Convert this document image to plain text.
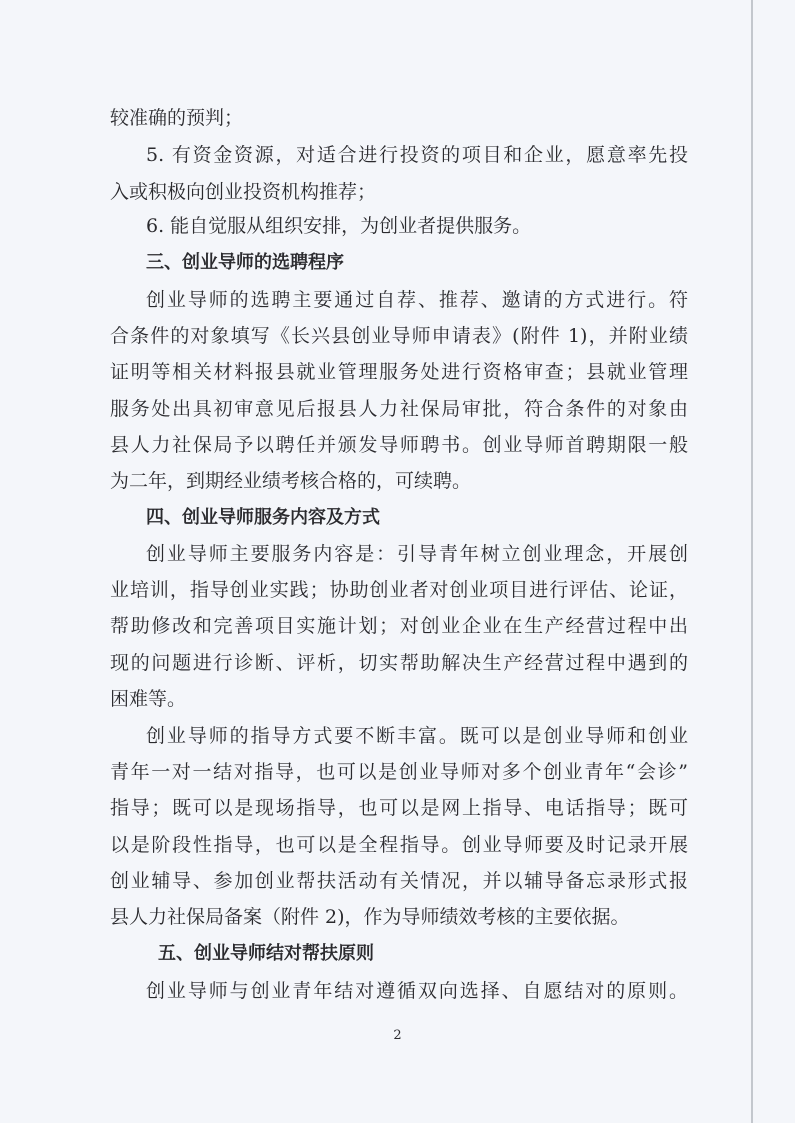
较准确的预判；
5. 有资金资源，对适合进行投资的项目和企业，愿意率先投
入或积极向创业投资机构推荐；
6. 能自觉服从组织安排，为创业者提供服务。
三、创业导师的选聘程序
创业导师的选聘主要通过自荐、推荐、邀请的方式进行。符
合条件的对象填写《长兴县创业导师申请表》(附件 1)，并附业绩
证明等相关材料报县就业管理服务处进行资格审查；县就业管理
服务处出具初审意见后报县人力社保局审批，符合条件的对象由
县人力社保局予以聘任并颁发导师聘书。创业导师首聘期限一般
为二年，到期经业绩考核合格的，可续聘。
四、创业导师服务内容及方式
创业导师主要服务内容是：引导青年树立创业理念，开展创
业培训，指导创业实践；协助创业者对创业项目进行评估、论证，
帮助修改和完善项目实施计划；对创业企业在生产经营过程中出
现的问题进行诊断、评析，切实帮助解决生产经营过程中遇到的
困难等。
创业导师的指导方式要不断丰富。既可以是创业导师和创业
青年一对一结对指导，也可以是创业导师对多个创业青年“会诊”
指导；既可以是现场指导，也可以是网上指导、电话指导；既可
以是阶段性指导，也可以是全程指导。创业导师要及时记录开展
创业辅导、参加创业帮扶活动有关情况，并以辅导备忘录形式报
县人力社保局备案（附件 2)，作为导师绩效考核的主要依据。
五、创业导师结对帮扶原则
创业导师与创业青年结对遵循双向选择、自愿结对的原则。
2
